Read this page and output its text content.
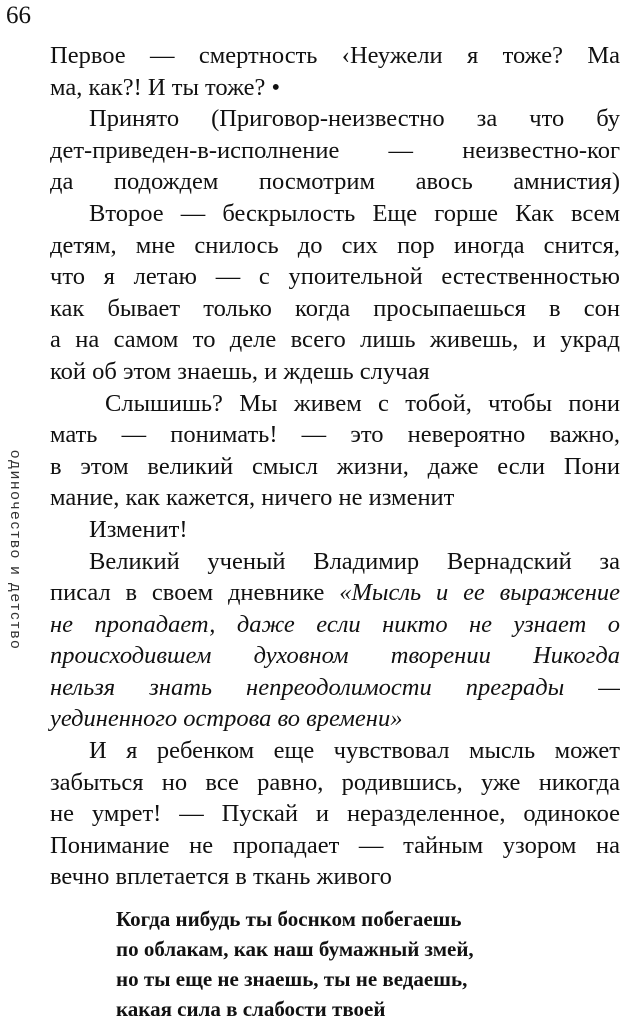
66
одиночество и детство
Первое — смертность ‹Неужели я тоже? Ма
ма, как?! И ты тоже? •
Принято (Приговор-неизвестно за что бу
дет-приведен-в-исполнение — неизвестно-ког
да подождем посмотрим авось амнистия)
Второе — бескрылость Еще горше Как всем
детям, мне снилось до сих пор иногда снится,
что я летаю — с упоительной естественностью
как бывает только когда просыпаешься в сон
а на самом то деле всего лишь живешь, и украд
кой об этом знаешь, и ждешь случая
Слышишь? Мы живем с тобой, чтобы пони
мать — понимать! — это невероятно важно,
в этом великий смысл жизни, даже если Пони
мание, как кажется, ничего не изменит
Изменит!
Великий ученый Владимир Вернадский за
писал в своем дневнике «Мысль и ее выражение
не пропадает, даже если никто не узнает о
происходившем духовном творении Никогда
нельзя знать непреодолимости преграды —
уединенного острова во времени»
И я ребенком еще чувствовал мысль может
забыться но все равно, родившись, уже никогда
не умрет! — Пускай и неразделенное, одинокое
Понимание не пропадает — тайным узором на
вечно вплетается в ткань живого
Когда нибудь ты боснком побегаешь
по облакам, как наш бумажный змей,
но ты еще не знаешь, ты не ведаешь,
какая сила в слабости твоей
